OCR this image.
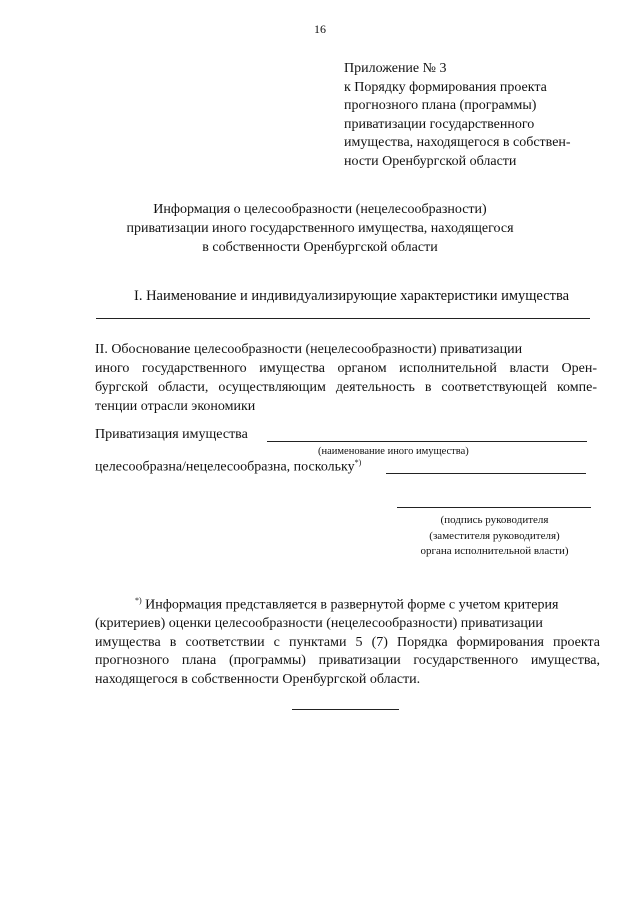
16
Приложение № 3
к Порядку формирования проекта
прогнозного плана (программы)
приватизации государственного
имущества, находящегося в собствен-
ности Оренбургской области
Информация о целесообразности (нецелесообразности)
приватизации иного государственного имущества, находящегося
в собственности Оренбургской области
I. Наименование и индивидуализирующие характеристики имущества
II. Обоснование целесообразности (нецелесообразности) приватизации
иного государственного имущества органом исполнительной власти Орен-
бургской области, осуществляющим деятельность в соответствующей компе-
тенции отрасли экономики
Приватизация имущества
(наименование иного имущества)
целесообразна/нецелесообразна, поскольку*)
(подпись руководителя
(заместителя руководителя)
органа исполнительной власти)
*) Информация представляется в развернутой форме с учетом критерия
(критериев) оценки целесообразности (нецелесообразности) приватизации
имущества в соответствии с пунктами 5 (7) Порядка формирования проекта
прогнозного плана (программы) приватизации государственного имущества,
находящегося в собственности Оренбургской области.
